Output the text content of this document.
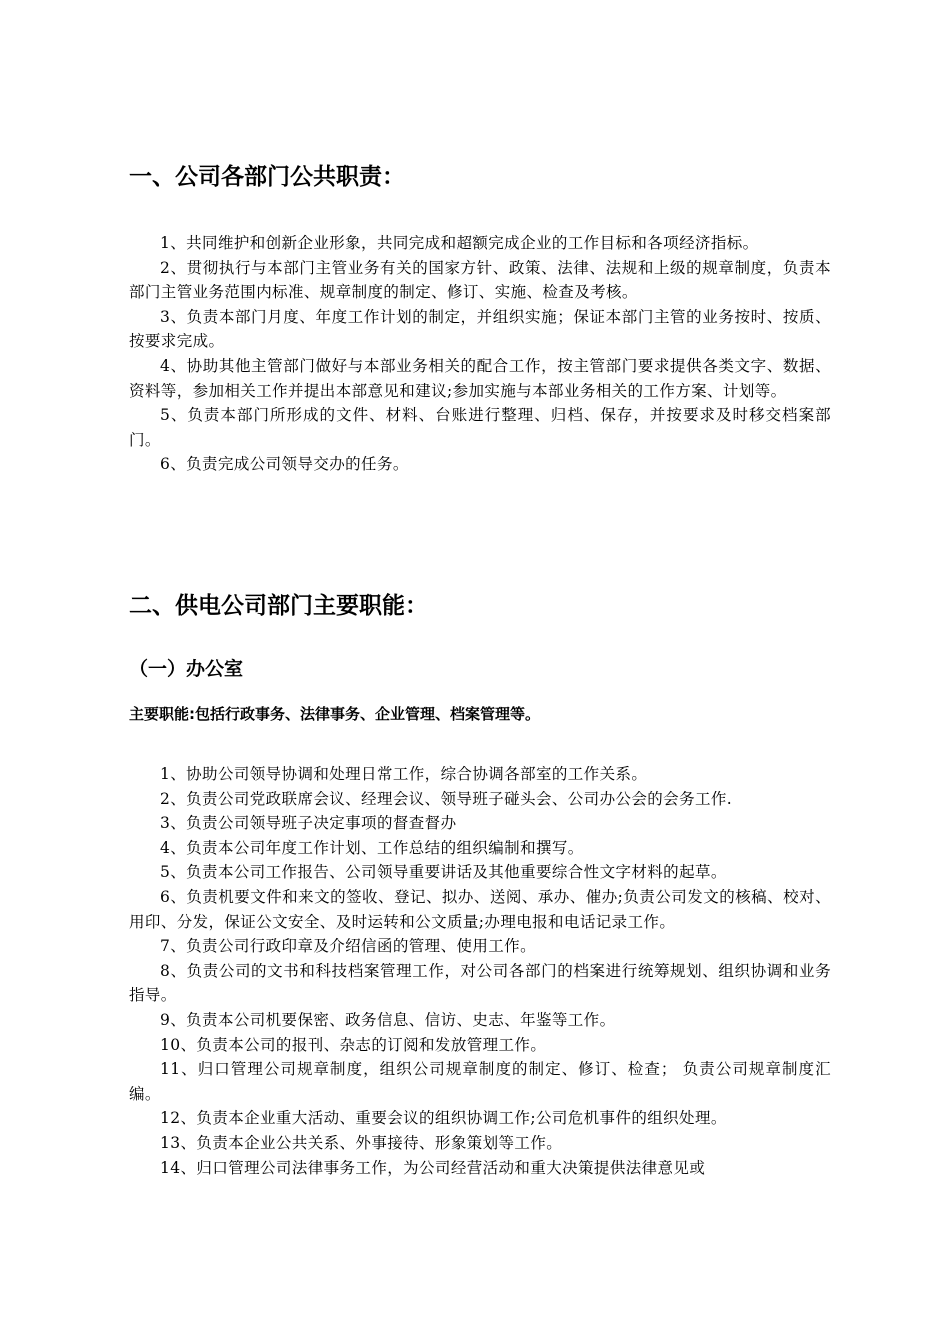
一、公司各部门公共职责：

1、共同维护和创新企业形象，共同完成和超额完成企业的工作目标和各项经济指标。

2、贯彻执行与本部门主管业务有关的国家方针、政策、法律、法规和上级的规章制度，负责本部门主管业务范围内标准、规章制度的制定、修订、实施、检查及考核。

3、负责本部门月度、年度工作计划的制定，并组织实施；保证本部门主管的业务按时、按质、按要求完成。

4、协助其他主管部门做好与本部业务相关的配合工作，按主管部门要求提供各类文字、数据、资料等，参加相关工作并提出本部意见和建议;参加实施与本部业务相关的工作方案、计划等。

5、负责本部门所形成的文件、材料、台账进行整理、归档、保存，并按要求及时移交档案部门。

6、负责完成公司领导交办的任务。

二、供电公司部门主要职能：
（一）办公室
主要职能:包括行政事务、法律事务、企业管理、档案管理等。

1、协助公司领导协调和处理日常工作，综合协调各部室的工作关系。

2、负责公司党政联席会议、经理会议、领导班子碰头会、公司办公会的会务工作.

3、负责公司领导班子决定事项的督查督办

4、负责本公司年度工作计划、工作总结的组织编制和撰写。

5、负责本公司工作报告、公司领导重要讲话及其他重要综合性文字材料的起草。

6、负责机要文件和来文的签收、登记、拟办、送阅、承办、催办;负责公司发文的核稿、校对、用印、分发，保证公文安全、及时运转和公文质量;办理电报和电话记录工作。

7、负责公司行政印章及介绍信函的管理、使用工作。

8、负责公司的文书和科技档案管理工作，对公司各部门的档案进行统筹规划、组织协调和业务指导。

9、负责本公司机要保密、政务信息、信访、史志、年鉴等工作。

10、负责本公司的报刊、杂志的订阅和发放管理工作。

11、归口管理公司规章制度，组织公司规章制度的制定、修订、检查； 负责公司规章制度汇编。

12、负责本企业重大活动、重要会议的组织协调工作;公司危机事件的组织处理。

13、负责本企业公共关系、外事接待、形象策划等工作。

14、归口管理公司法律事务工作，为公司经营活动和重大决策提供法律意见或
